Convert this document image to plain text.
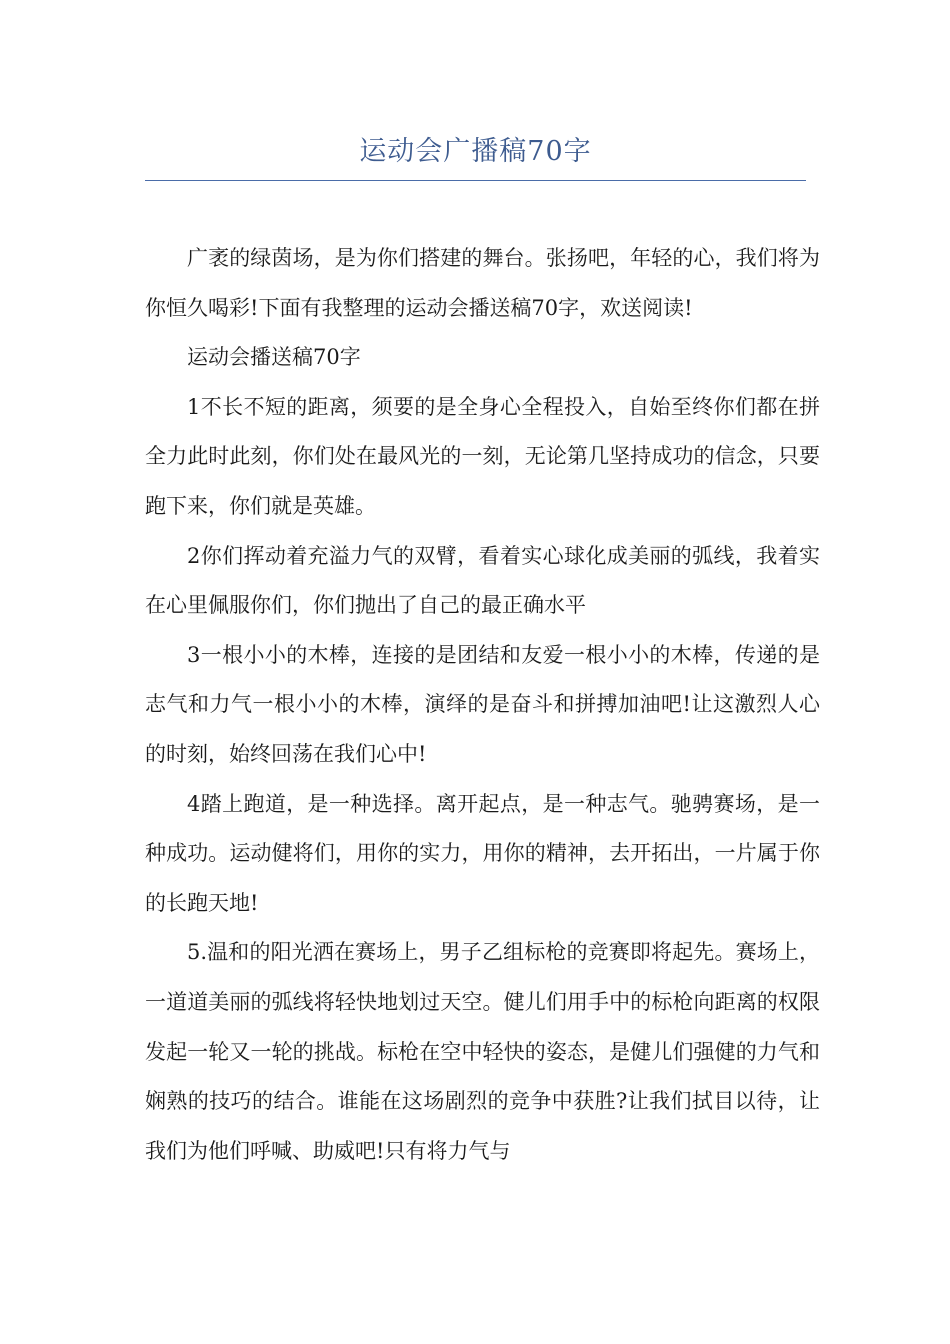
运动会广播稿70字

广袤的绿茵场，是为你们搭建的舞台。张扬吧，年轻的心，我们将为你恒久喝彩!下面有我整理的运动会播送稿70字，欢送阅读!

运动会播送稿70字

1不长不短的距离，须要的是全身心全程投入，自始至终你们都在拼全力此时此刻，你们处在最风光的一刻，无论第几坚持成功的信念，只要跑下来，你们就是英雄。

2你们挥动着充溢力气的双臂，看着实心球化成美丽的弧线，我着实在心里佩服你们，你们抛出了自己的最正确水平

3一根小小的木棒，连接的是团结和友爱一根小小的木棒，传递的是志气和力气一根小小的木棒，演绎的是奋斗和拼搏加油吧!让这激烈人心的时刻，始终回荡在我们心中!

4踏上跑道，是一种选择。离开起点，是一种志气。驰骋赛场，是一种成功。运动健将们，用你的实力，用你的精神，去开拓出，一片属于你的长跑天地!

5.温和的阳光洒在赛场上，男子乙组标枪的竞赛即将起先。赛场上，一道道美丽的弧线将轻快地划过天空。健儿们用手中的标枪向距离的权限发起一轮又一轮的挑战。标枪在空中轻快的姿态，是健儿们强健的力气和娴熟的技巧的结合。谁能在这场剧烈的竞争中获胜?让我们拭目以待，让我们为他们呼喊、助威吧!只有将力气与
